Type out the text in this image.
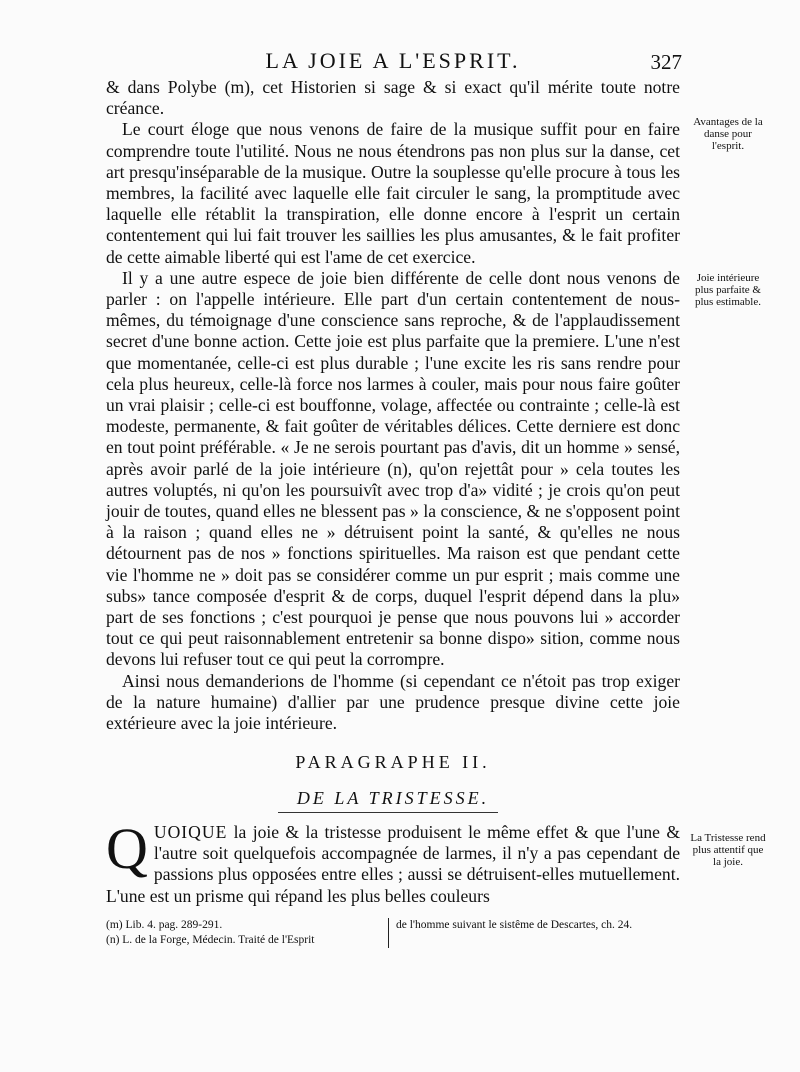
LA JOIE A L'ESPRIT.	327

& dans Polybe (m), cet Historien si sage & si exact qu'il mérite toute notre créance.

Le court éloge que nous venons de faire de la musique suffit pour en faire comprendre toute l'utilité. Nous ne nous étendrons pas non plus sur la danse, cet art presqu'inséparable de la musique. Outre la souplesse qu'elle procure à tous les membres, la facilité avec laquelle elle fait circuler le sang, la promptitude avec laquelle elle rétablit la transpiration, elle donne encore à l'esprit un certain contentement qui lui fait trouver les saillies les plus amusantes, & le fait profiter de cette aimable liberté qui est l'ame de cet exercice.

Il y a une autre espece de joie bien différente de celle dont nous venons de parler : on l'appelle intérieure. Elle part d'un certain contentement de nous-mêmes, du témoignage d'une conscience sans reproche, & de l'applaudissement secret d'une bonne action. Cette joie est plus parfaite que la premiere. L'une n'est que momentanée, celle-ci est plus durable ; l'une excite les ris sans rendre pour cela plus heureux, celle-là force nos larmes à couler, mais pour nous faire goûter un vrai plaisir ; celle-ci est bouffonne, volage, affectée ou contrainte ; celle-là est modeste, permanente, & fait goûter de véritables délices. Cette derniere est donc en tout point préférable. « Je ne serois pourtant pas d'avis, dit un homme » sensé, après avoir parlé de la joie intérieure (n), qu'on rejettât pour » cela toutes les autres voluptés, ni qu'on les poursuivît avec trop d'a» vidité ; je crois qu'on peut jouir de toutes, quand elles ne blessent pas » la conscience, & ne s'opposent point à la raison ; quand elles ne » détruisent point la santé, & qu'elles ne nous détournent pas de nos » fonctions spirituelles. Ma raison est que pendant cette vie l'homme ne » doit pas se considérer comme un pur esprit ; mais comme une subs» tance composée d'esprit & de corps, duquel l'esprit dépend dans la plu» part de ses fonctions ; c'est pourquoi je pense que nous pouvons lui » accorder tout ce qui peut raisonnablement entretenir sa bonne dispo» sition, comme nous devons lui refuser tout ce qui peut la corrompre.

Ainsi nous demanderions de l'homme (si cependant ce n'étoit pas trop exiger de la nature humaine) d'allier par une prudence presque divine cette joie extérieure avec la joie intérieure.

PARAGRAPHE II.
DE LA TRISTESSE.
QUOIQUE la joie & la tristesse produisent le même effet & que l'une & l'autre soit quelquefois accompagnée de larmes, il n'y a pas cependant de passions plus opposées entre elles ; aussi se détruisent-elles mutuellement. L'une est un prisme qui répand les plus belles couleurs
Avantages de la danse pour l'esprit.
Joie intérieure plus parfaite & plus estimable.
La Tristesse rend plus attentif que la joie.
(m) Lib. 4. pag. 289-291.
(n) L. de la Forge, Médecin. Traité de l'Esprit
de l'homme suivant le sistême de Descartes, ch. 24.
